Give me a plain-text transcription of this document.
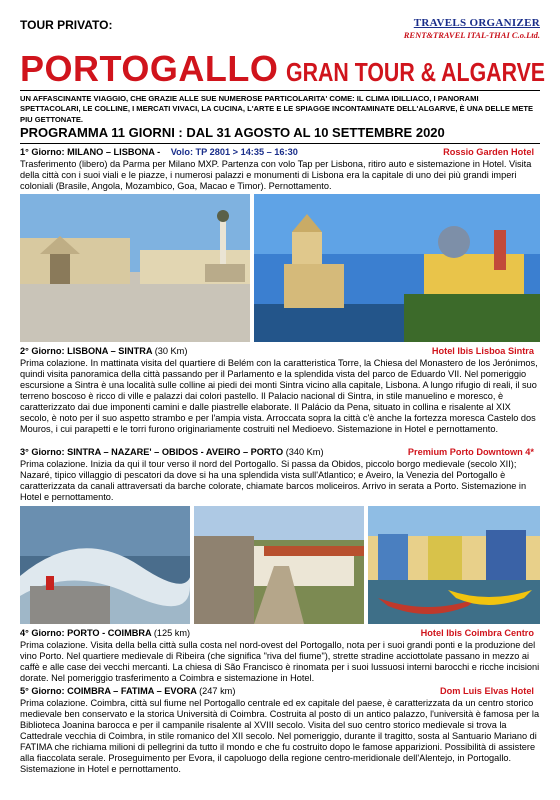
TOUR PRIVATO:	TRAVELS ORGANIZER
RENT&TRAVEL ITAL-THAI C.o.Ltd.
PORTOGALLO GRAN TOUR & ALGARVE
UN AFFASCINANTE VIAGGIO, CHE GRAZIE ALLE SUE NUMEROSE PARTICOLARITA' COME: IL CLIMA IDILLIACO, I PANORAMI SPETTACOLARI, LE COLLINE, I MERCATI VIVACI, LA CUCINA, L'ARTE E LE SPIAGGE INCONTAMINATE DELL'ALGARVE, È UNA DELLE METE PIU GETTONATE.
PROGRAMMA 11 GIORNI : DAL 31 AGOSTO AL 10 SETTEMBRE 2020
1° Giorno: MILANO – LISBONA - Volo: TP 2801 > 14:35 – 16:30	Rossio Garden Hotel
Trasferimento (libero) da Parma per Milano MXP. Partenza con volo Tap per Lisbona, ritiro auto e sistemazione in Hotel. Visita della città con i suoi viali e le piazze, i numerosi palazzi e monumenti di Lisbona era la capitale di uno dei più grandi imperi coloniali (Brasile, Angola, Mozambico, Goa, Macao e Timor). Pernottamento.
2° Giorno: LISBONA – SINTRA (30 Km)	Hotel Ibis Lisboa Sintra
Prima colazione. In mattinata visita del quartiere di Belém con la caratteristica Torre, la Chiesa del Monastero de los Jerónimos, quindi visita panoramica della città passando per il Parlamento e la splendida vista del parco de Eduardo VII. Nel pomeriggio escursione a Sintra è una località sulle colline ai piedi dei monti Sintra vicino alla capitale, Lisbona. A lungo rifugio di reali, il suo terreno boscoso è ricco di ville e palazzi dai colori pastello. Il Palacio nacional di Sintra, in stile manuelino e moresco, è caratterizzato dai due imponenti camini e dalle piastrelle elaborate. Il Palácio da Pena, situato in collina e risalente al XIX secolo, è noto per il suo aspetto strambo e per l'ampia vista. Arroccata sopra la città c'è anche la fortezza moresca Castelo dos Mouros, i cui parapetti e le torri furono originariamente costruiti nel Medioevo. Sistemazione in Hotel e pernottamento.
3° Giorno: SINTRA – NAZARE' – OBIDOS - AVEIRO – PORTO (340 Km)	Premium Porto Downtown 4*
Prima colazione. Inizia da qui il tour verso il nord del Portogallo. Si passa da Obidos, piccolo borgo medievale (secolo XII); Nazaré, tipico villaggio di pescatori da dove si ha una splendida vista sull'Atlantico; e Aveiro, la Venezia del Portogallo è caratterizzata da canali attraversati da barche colorate, chiamate barcos moliceiros. Arrivo in serata a Porto. Sistemazione in Hotel e pernottamento.
4° Giorno: PORTO - COIMBRA (125 km)	Hotel Ibis Coimbra Centro
Prima colazione. Visita della bella città sulla costa nel nord-ovest del Portogallo, nota per i suoi grandi ponti e la produzione del vino Porto. Nel quartiere medievale di Ribeira (che significa "riva del fiume"), strette stradine acciottolate passano in mezzo ai caffè e alle case dei vecchi mercanti. La chiesa di São Francisco è rinomata per i suoi lussuosi interni barocchi e ricche incisioni dorate. Nel pomeriggio trasferimento a Coimbra e sistemazione in Hotel.
5° Giorno: COIMBRA – FATIMA – EVORA (247 km)	Dom Luis Elvas Hotel
Prima colazione. Coimbra, città sul fiume nel Portogallo centrale ed ex capitale del paese, è caratterizzata da un centro storico medievale ben conservato e la storica Università di Coimbra. Costruita al posto di un antico palazzo, l'università è famosa per la Biblioteca Joanina barocca e per il campanile risalente al XVIII secolo. Visita del suo centro storico medievale si trova la Cattedrale vecchia di Coimbra, in stile romanico del XII secolo. Nel pomeriggio, durante il tragitto, sosta al Santuario Mariano di FATIMA che richiama milioni di pellegrini da tutto il mondo e che fu costruito dopo le famose apparizioni. Possibilità di assistere alla fiaccolata serale. Proseguimento per Evora, il capoluogo della regione centro-meridionale dell'Alentejo, in Portogallo. Sistemazione in Hotel e pernottamento.
